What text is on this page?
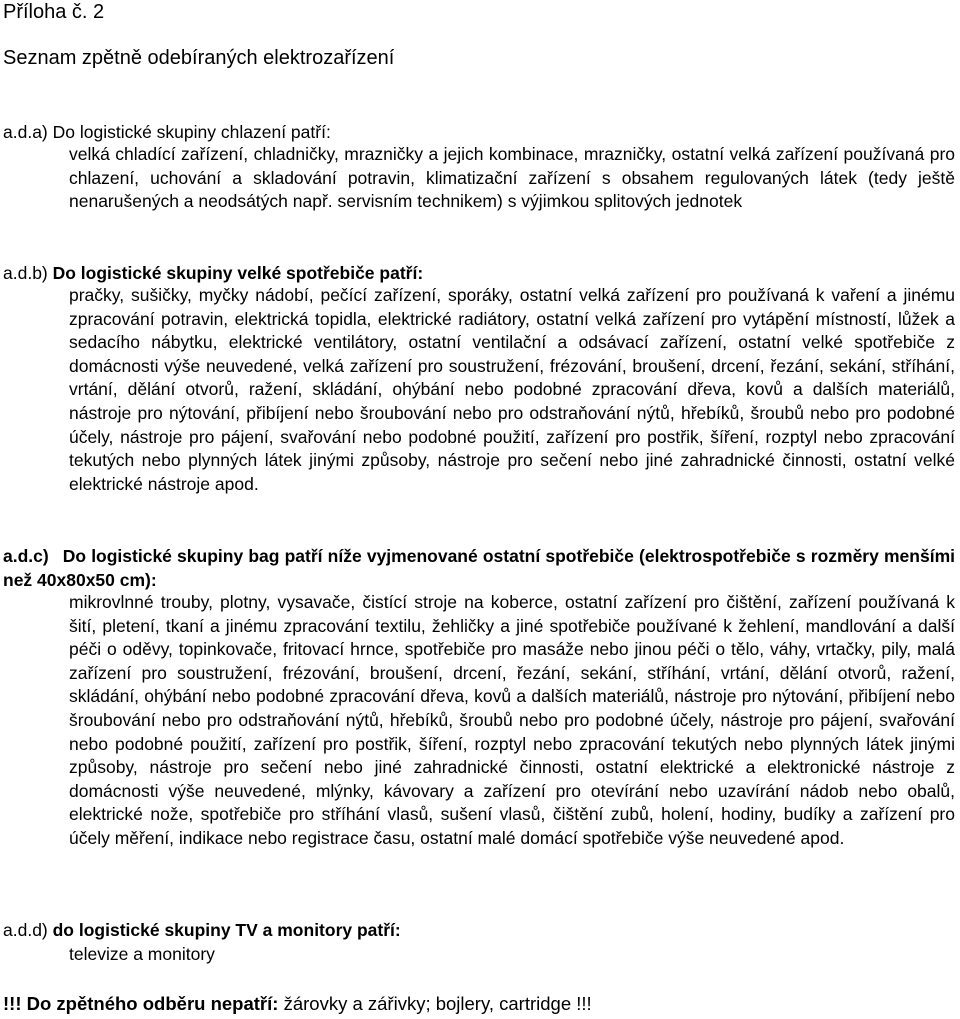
Příloha č. 2
Seznam zpětně odebíraných elektrozařízení
a.d.a) Do logistické skupiny chlazení patří:
velká chladící zařízení, chladničky, mrazničky a jejich kombinace, mrazničky, ostatní velká zařízení používaná pro chlazení, uchování a skladování potravin, klimatizační zařízení s obsahem regulovaných látek (tedy ještě nenarušených a neodsátých např. servisním technikem) s výjimkou splitových jednotek
a.d.b) Do logistické skupiny velké spotřebiče patří:
pračky, sušičky, myčky nádobí, pečící zařízení, sporáky, ostatní velká zařízení pro používaná k vaření a jinému zpracování potravin, elektrická topidla, elektrické radiátory, ostatní velká zařízení pro vytápění místností, lůžek a sedacího nábytku, elektrické ventilátory, ostatní ventilační a odsávací zařízení, ostatní velké spotřebiče z domácnosti výše neuvedené, velká zařízení pro soustružení, frézování, broušení, drcení, řezání, sekání, stříhání, vrtání, dělání otvorů, ražení, skládání, ohýbání nebo podobné zpracování dřeva, kovů a dalších materiálů, nástroje pro nýtování, přibíjení nebo šroubování nebo pro odstraňování nýtů, hřebíků, šroubů nebo pro podobné účely, nástroje pro pájení, svařování nebo podobné použití, zařízení pro postřik, šíření, rozptyl nebo zpracování tekutých nebo plynných látek jinými způsoby, nástroje pro sečení nebo jiné zahradnické činnosti, ostatní velké elektrické nástroje apod.
a.d.c) Do logistické skupiny bag patří níže vyjmenované ostatní spotřebiče (elektrospotřebiče s rozměry menšími než 40x80x50 cm):
mikrovlnné trouby, plotny, vysavače, čistící stroje na koberce, ostatní zařízení pro čištění, zařízení používaná k šití, pletení, tkaní a jinému zpracování textilu, žehličky a jiné spotřebiče používané k žehlení, mandlování a další péči o oděvy, topinkovače, fritovací hrnce, spotřebiče pro masáže nebo jinou péči o tělo, váhy, vrtačky, pily, malá zařízení pro soustružení, frézování, broušení, drcení, řezání, sekání, stříhání, vrtání, dělání otvorů, ražení, skládání, ohýbání nebo podobné zpracování dřeva, kovů a dalších materiálů, nástroje pro nýtování, přibíjení nebo šroubování nebo pro odstraňování nýtů, hřebíků, šroubů nebo pro podobné účely, nástroje pro pájení, svařování nebo podobné použití, zařízení pro postřik, šíření, rozptyl nebo zpracování tekutých nebo plynných látek jinými způsoby, nástroje pro sečení nebo jiné zahradnické činnosti, ostatní elektrické a elektronické nástroje z domácnosti výše neuvedené, mlýnky, kávovary a zařízení pro otevírání nebo uzavírání nádob nebo obalů, elektrické nože, spotřebiče pro stříhání vlasů, sušení vlasů, čištění zubů, holení, hodiny, budíky a zařízení pro účely měření, indikace nebo registrace času, ostatní malé domácí spotřebiče výše neuvedené apod.
a.d.d) do logistické skupiny TV a monitory patří:
televize a monitory
!!! Do zpětného odběru nepatří: žárovky a zářivky; bojlery, cartridge !!!
